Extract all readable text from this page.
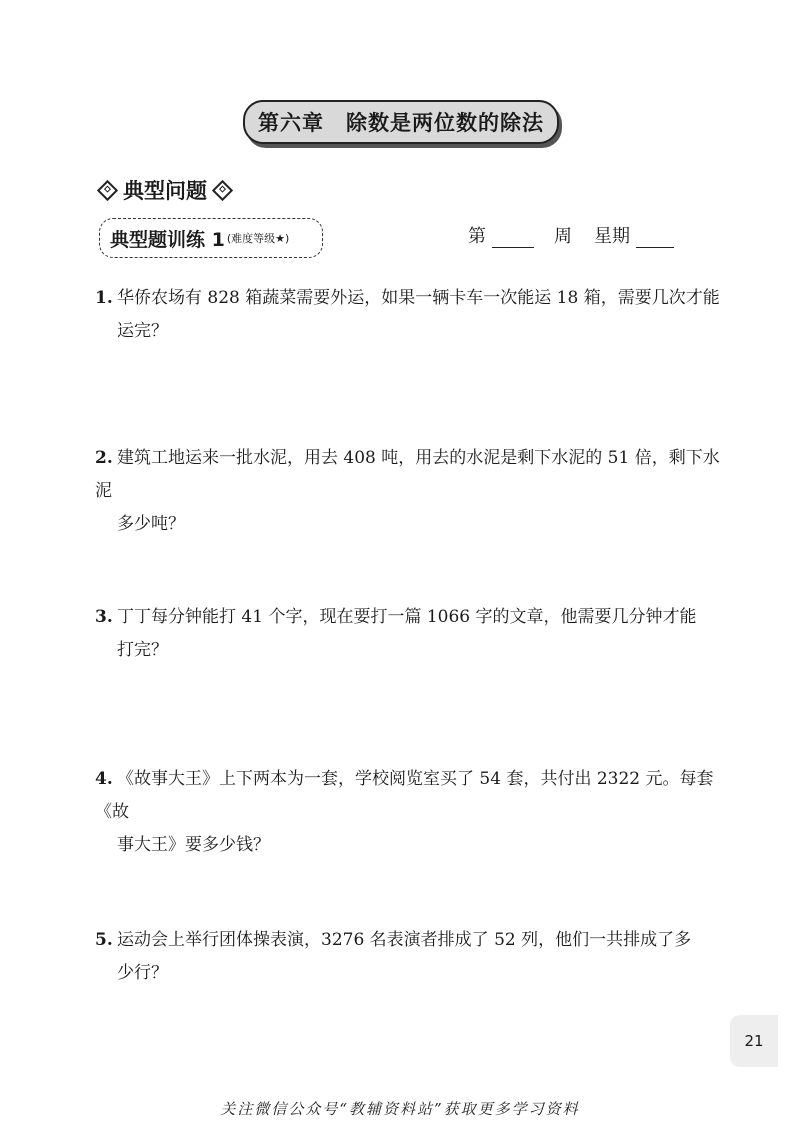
第六章 除数是两位数的除法
典型问题
典型题训练 1 (难度等级★)	第	周 星期
1. 华侨农场有 828 箱蔬菜需要外运，如果一辆卡车一次能运 18 箱，需要几次才能
运完？
2. 建筑工地运来一批水泥，用去 408 吨，用去的水泥是剩下水泥的 51 倍，剩下水泥
多少吨？
3. 丁丁每分钟能打 41 个字，现在要打一篇 1066 字的文章，他需要几分钟才能
打完？
4. 《故事大王》上下两本为一套，学校阅览室买了 54 套，共付出 2322 元。每套《故
事大王》要多少钱？
5. 运动会上举行团体操表演，3276 名表演者排成了 52 列，他们一共排成了多
少行？
21
关注微信公众号“教辅资料站”获取更多学习资料
